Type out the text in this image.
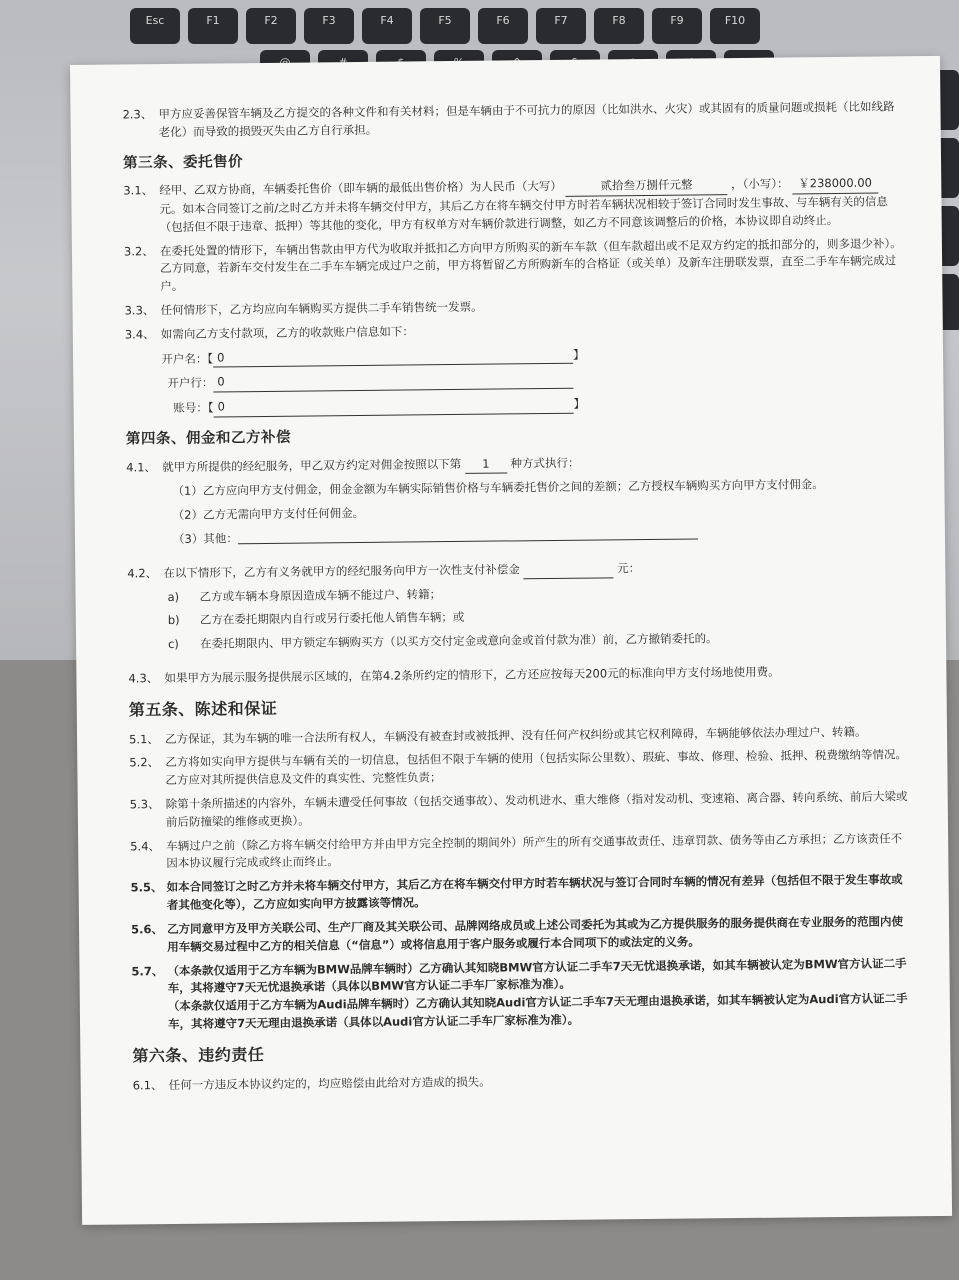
Esc	F1	F2	F3	F4	F5	F6	F7	F8	F9	F10
2.3、 甲方应妥善保管车辆及乙方提交的各种文件和有关材料；但是车辆由于不可抗力的原因（比如洪水、火灾）或其固有的质量问题或损耗（比如线路老化）而导致的损毁灭失由乙方自行承担。
第三条、委托售价
3.1、 经甲、乙双方协商，车辆委托售价（即车辆的最低出售价格）为人民币（大写）	贰拾叁万捌仟元整	，（小写）： ￥238000.00 元。如本合同签订之前/之时乙方并未将车辆交付甲方，其后乙方在将车辆交付甲方时若车辆状况相较于签订合同时发生事故、与车辆有关的信息（包括但不限于违章、抵押）等其他的变化，甲方有权单方对车辆价款进行调整，如乙方不同意该调整后的价格，本协议即自动终止。
3.2、 在委托处置的情形下，车辆出售款由甲方代为收取并抵扣乙方向甲方所购买的新车车款（但车款超出或不足双方约定的抵扣部分的，则多退少补）。乙方同意，若新车交付发生在二手车车辆完成过户之前，甲方将暂留乙方所购新车的合格证（或关单）及新车注册联发票，直至二手车车辆完成过户。
3.3、 任何情形下，乙方均应向车辆购买方提供二手车销售统一发票。
3.4、 如需向乙方支付款项，乙方的收款账户信息如下：
开户名：【 0	】
开户行： 0
账号：【 0	】
第四条、佣金和乙方补偿
4.1、 就甲方所提供的经纪服务，甲乙双方约定对佣金按照以下第 1 种方式执行：
（1）乙方应向甲方支付佣金，佣金金额为车辆实际销售价格与车辆委托售价之间的差额；乙方授权车辆购买方向甲方支付佣金。
（2）乙方无需向甲方支付任何佣金。
（3）其他：
4.2、 在以下情形下，乙方有义务就甲方的经纪服务向甲方一次性支付补偿金	元：
a)	乙方或车辆本身原因造成车辆不能过户、转籍；
b)	乙方在委托期限内自行或另行委托他人销售车辆；或
c)	在委托期限内、甲方锁定车辆购买方（以买方交付定金或意向金或首付款为准）前，乙方撤销委托的。
4.3、 如果甲方为展示服务提供展示区域的，在第4.2条所约定的情形下，乙方还应按每天200元的标准向甲方支付场地使用费。
第五条、陈述和保证
5.1、 乙方保证，其为车辆的唯一合法所有权人，车辆没有被查封或被抵押、没有任何产权纠纷或其它权利障碍，车辆能够依法办理过户、转籍。
5.2、 乙方将如实向甲方提供与车辆有关的一切信息，包括但不限于车辆的使用（包括实际公里数）、瑕疵、事故、修理、检验、抵押、税费缴纳等情况。乙方应对其所提供信息及文件的真实性、完整性负责；
5.3、 除第十条所描述的内容外，车辆未遭受任何事故（包括交通事故）、发动机进水、重大维修（指对发动机、变速箱、离合器、转向系统、前后大梁或前后防撞梁的维修或更换）。
5.4、 车辆过户之前（除乙方将车辆交付给甲方并由甲方完全控制的期间外）所产生的所有交通事故责任、违章罚款、债务等由乙方承担；乙方该责任不因本协议履行完成或终止而终止。
5.5、 如本合同签订之时乙方并未将车辆交付甲方，其后乙方在将车辆交付甲方时若车辆状况与签订合同时车辆的情况有差异（包括但不限于发生事故或者其他变化等），乙方应如实向甲方披露该等情况。
5.6、 乙方同意甲方及甲方关联公司、生产厂商及其关联公司、品牌网络成员或上述公司委托为其或为乙方提供服务的服务提供商在专业服务的范围内使用车辆交易过程中乙方的相关信息（“信息”）或将信息用于客户服务或履行本合同项下的或法定的义务。
5.7、 （本条款仅适用于乙方车辆为BMW品牌车辆时）乙方确认其知晓BMW官方认证二手车7天无忧退换承诺，如其车辆被认定为BMW官方认证二手车，其将遵守7天无忧退换承诺（具体以BMW官方认证二手车厂家标准为准）。
（本条款仅适用于乙方车辆为Audi品牌车辆时）乙方确认其知晓Audi官方认证二手车7天无理由退换承诺，如其车辆被认定为Audi官方认证二手车，其将遵守7天无理由退换承诺（具体以Audi官方认证二手车厂家标准为准）。
第六条、违约责任
6.1、 任何一方违反本协议约定的，均应赔偿由此给对方造成的损失。
